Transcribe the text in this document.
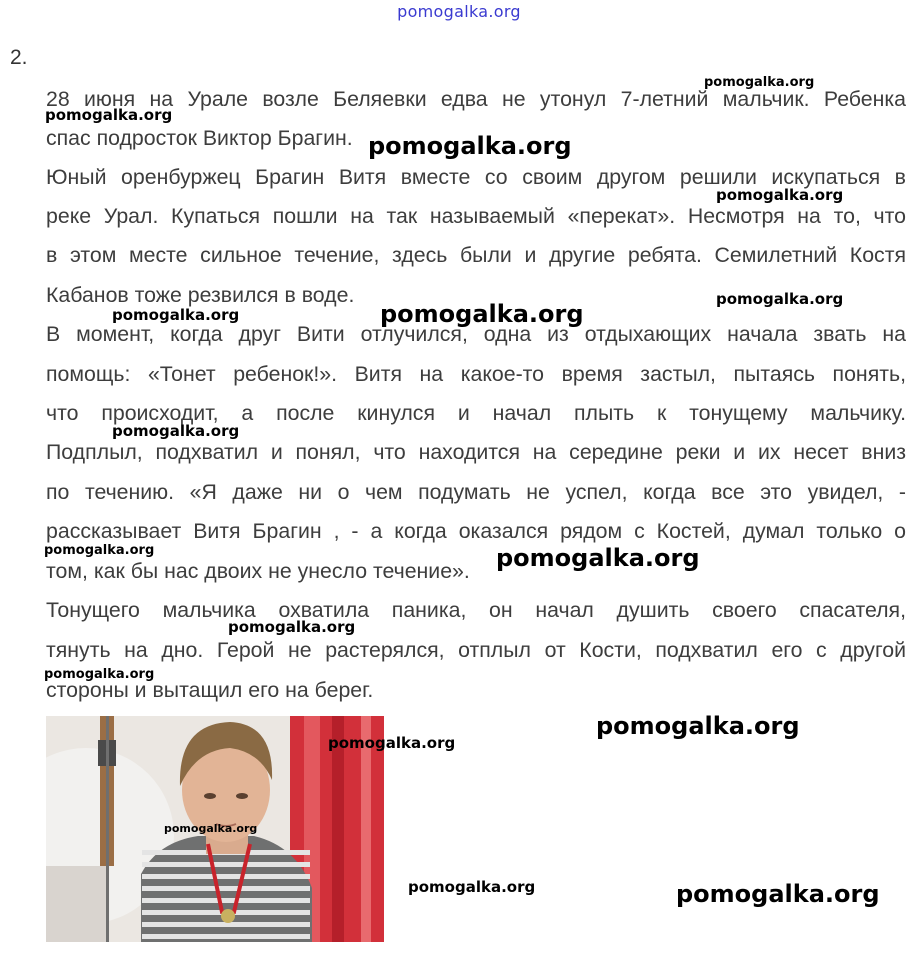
pomogalka.org
2.
28 июня на Урале возле Беляевки едва не утонул 7-летний мальчик. Ребенка
спас подросток Виктор Брагин.
Юный оренбуржец Брагин Витя вместе со своим другом решили искупаться в
реке Урал. Купаться пошли на так называемый «перекат». Несмотря на то, что
в этом месте сильное течение, здесь были и другие ребята. Семилетний Костя
Кабанов тоже резвился в воде.
В момент, когда друг Вити отлучился, одна из отдыхающих начала звать на
помощь: «Тонет ребенок!». Витя на какое-то время застыл, пытаясь понять,
что происходит, а после кинулся и начал плыть к тонущему мальчику.
Подплыл, подхватил и понял, что находится на середине реки и их несет вниз
по течению. «Я даже ни о чем подумать не успел, когда все это увидел, -
рассказывает Витя Брагин , - а когда оказался рядом с Костей, думал только о
том, как бы нас двоих не унесло течение».
Тонущего мальчика охватила паника, он начал душить своего спасателя,
тянуть на дно. Герой не растерялся, отплыл от Кости, подхватил его с другой
стороны и вытащил его на берег.
pomogalka.org
pomogalka.org
pomogalka.org
pomogalka.org
pomogalka.org
pomogalka.org
pomogalka.org
pomogalka.org
pomogalka.org	pomogalka.org
pomogalka.org
pomogalka.org
pomogalka.org
pomogalka.org
pomogalka.org
pomogalka.org	pomogalka.org
